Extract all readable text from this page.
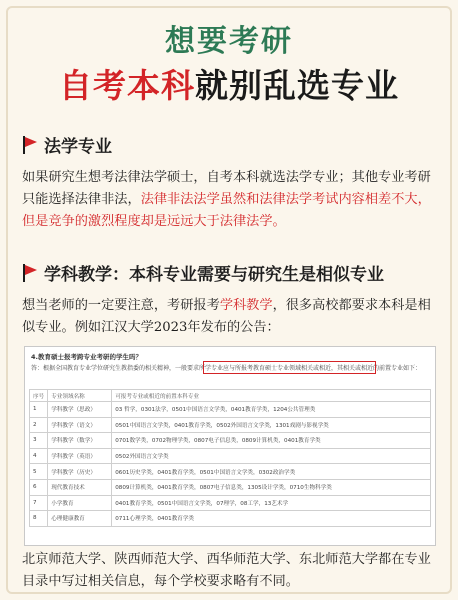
想要考研
自考本科就别乱选专业
法学专业
如果研究生想考法律法学硕士，自考本科就选法学专业；其他专业考研只能选择法律非法，法律非法法学虽然和法律法学考试内容相差不大，但是竞争的激烈程度却是远远大于法律法学。
学科教学：本科专业需要与研究生是相似专业
想当老师的一定要注意，考研报考学科教学，很多高校都要求本科是相似专业。例如江汉大学2023年发布的公告：
4.教育硕士报考跨专业考研的学生吗？
答：根据全国教育专业学位研究生教指委的相关精神，一般要求所学专业应与所报考教育硕士专业领域相关或相近，其相关或相近的前置专业如下：
序号	专业领域名称	可报考专业或相近的前置本科专业
1	学科教学（思政）	03 哲学，0301法学，0501中国语言文学类，0401教育学类，1204公共管理类
2	学科教学（语文）	0501中国语言文学类，0401教育学类，0502外国语言文学类，1301戏剧与影视学类
3	学科教学（数学）	0701数学类，0702物理学类，0807电子信息类，0809计算机类，0401教育学类
4	学科教学（英语）	0502外国语言文学类
5	学科教学（历史）	0601历史学类，0401教育学类，0501中国语言文学类，0302政治学类
6	现代教育技术	0809计算机类，0401教育学类，0807电子信息类，1305设计学类，0710生物科学类
7	小学教育	0401教育学类，0501中国语言文学类，07理学，08工学，13艺术学
8	心理健康教育	0711心理学类，0401教育学类
北京师范大学、陕西师范大学、西华师范大学、东北师范大学都在专业目录中写过相关信息，每个学校要求略有不同。
